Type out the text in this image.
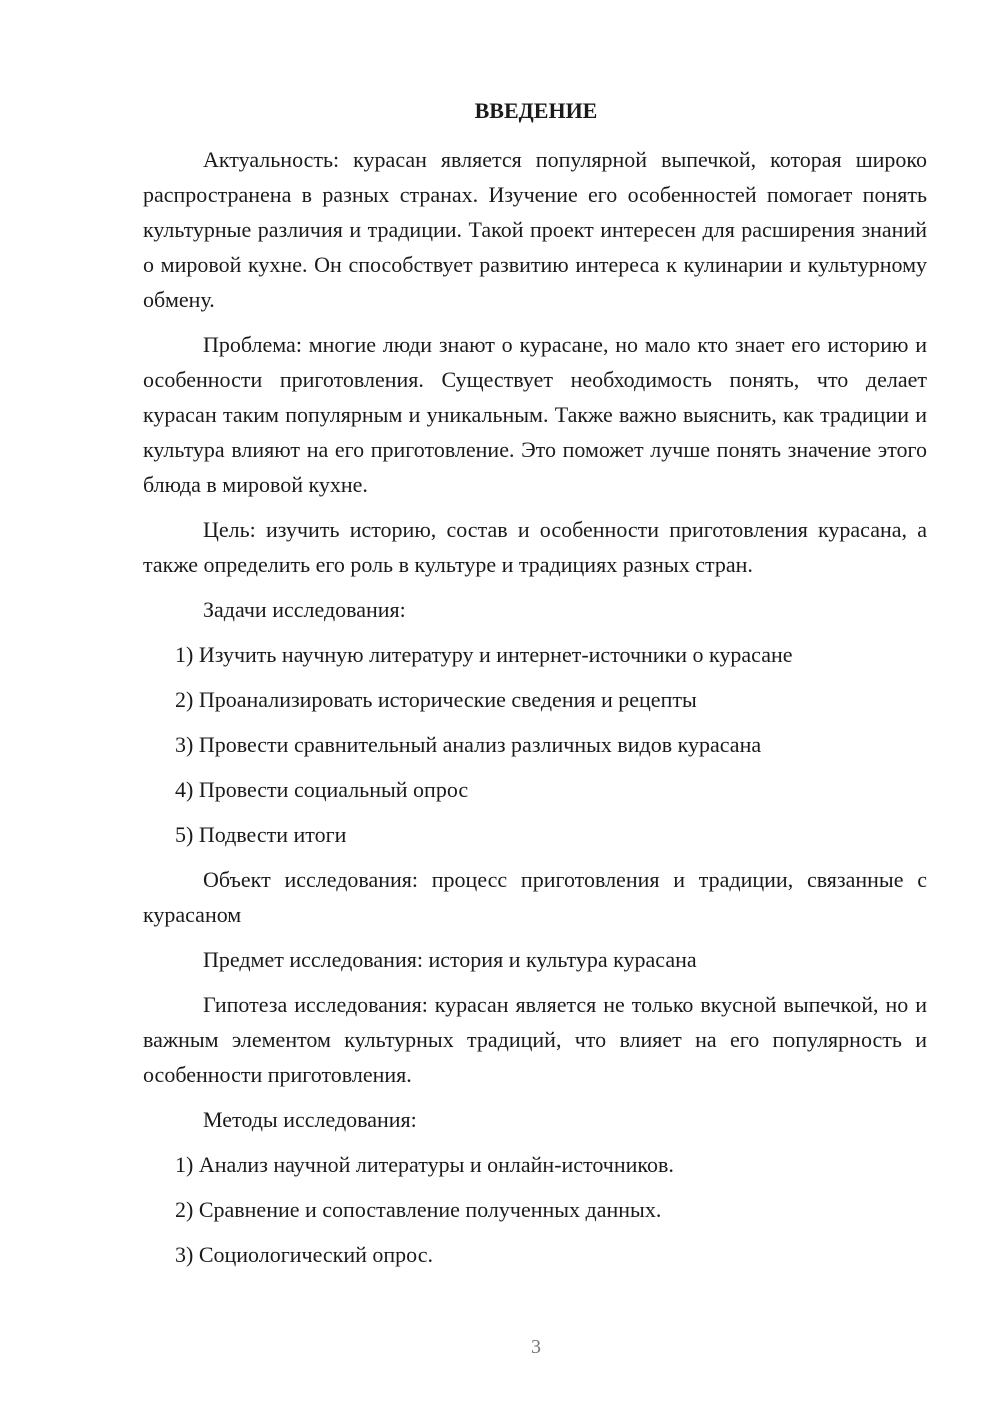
ВВЕДЕНИЕ

Актуальность: курасан является популярной выпечкой, которая широко распространена в разных странах. Изучение его особенностей помогает понять культурные различия и традиции. Такой проект интересен для расширения знаний о мировой кухне. Он способствует развитию интереса к кулинарии и культурному обмену.

Проблема: многие люди знают о курасане, но мало кто знает его историю и особенности приготовления. Существует необходимость понять, что делает курасан таким популярным и уникальным. Также важно выяснить, как традиции и культура влияют на его приготовление. Это поможет лучше понять значение этого блюда в мировой кухне.

Цель: изучить историю, состав и особенности приготовления курасана, а также определить его роль в культуре и традициях разных стран.

Задачи исследования:

1) Изучить научную литературу и интернет-источники о курасане
2) Проанализировать исторические сведения и рецепты
3) Провести сравнительный анализ различных видов курасана
4) Провести социальный опрос
5) Подвести итоги

Объект исследования: процесс приготовления и традиции, связанные с курасаном

Предмет исследования: история и культура курасана

Гипотеза исследования: курасан является не только вкусной выпечкой, но и важным элементом культурных традиций, что влияет на его популярность и особенности приготовления.

Методы исследования:

1) Анализ научной литературы и онлайн-источников.
2) Сравнение и сопоставление полученных данных.
3) Социологический опрос.
3
